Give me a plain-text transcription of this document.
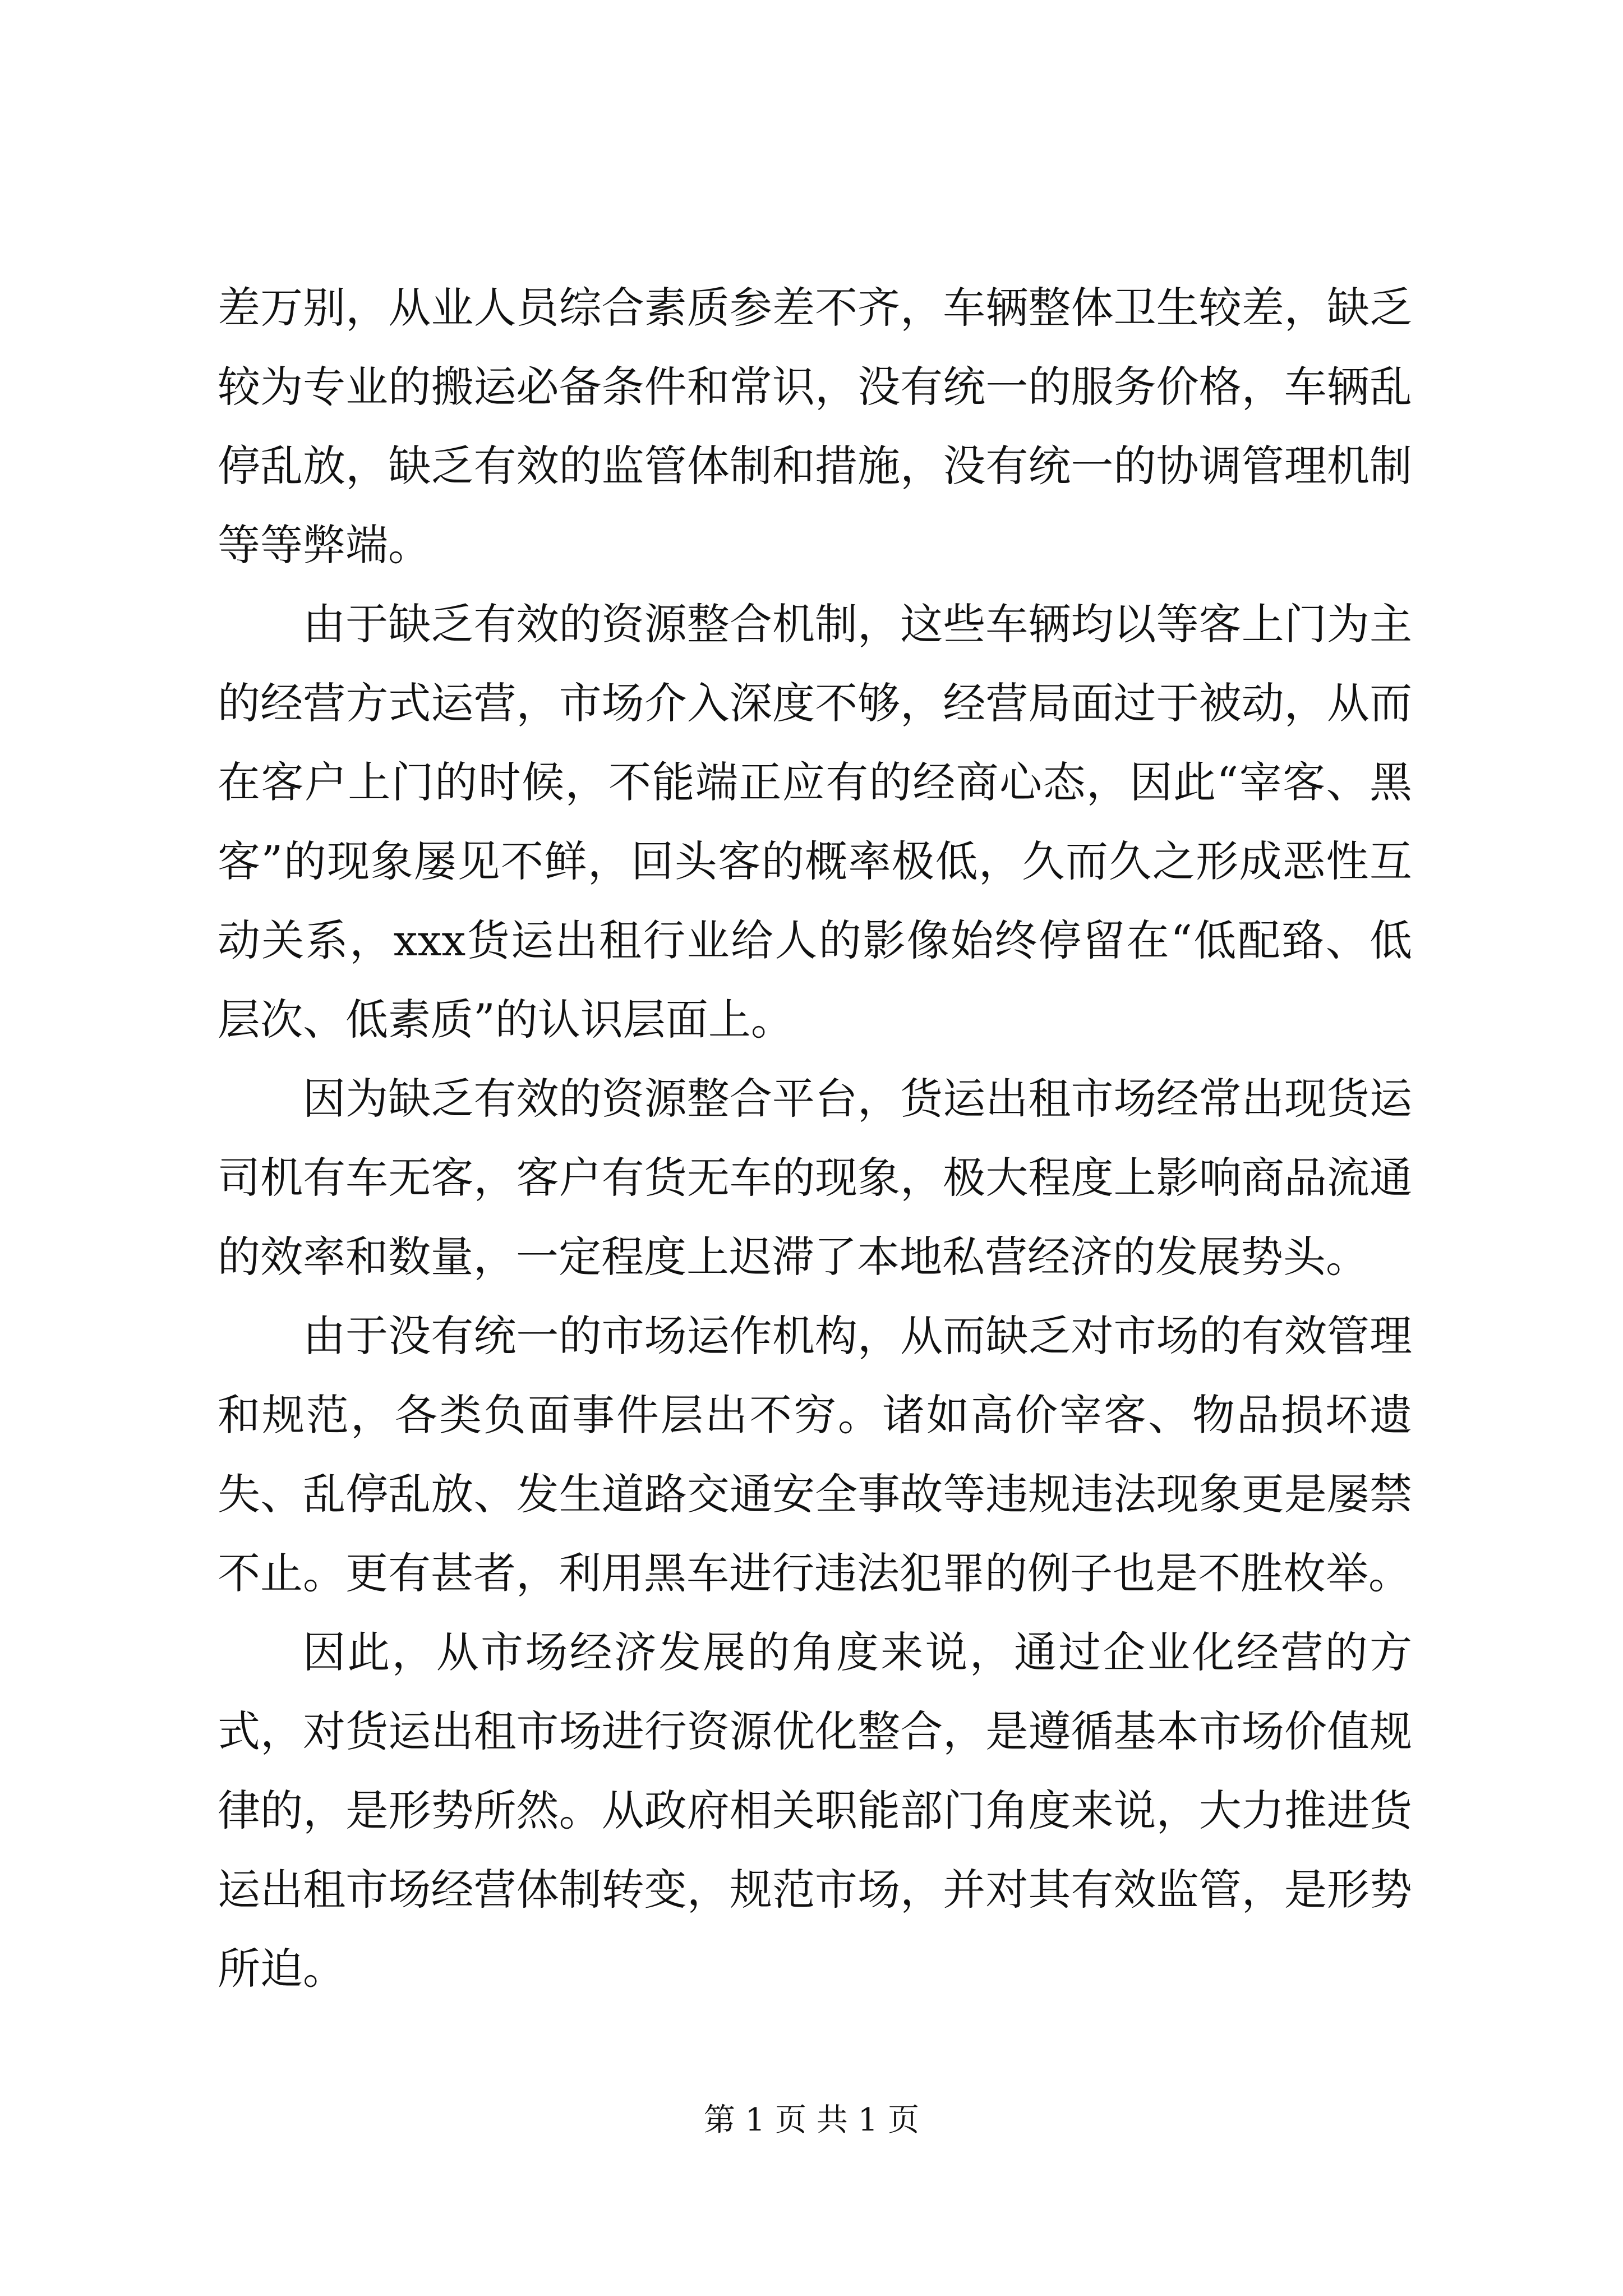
差万别，从业人员综合素质参差不齐，车辆整体卫生较差，缺乏较为专业的搬运必备条件和常识，没有统一的服务价格，车辆乱停乱放，缺乏有效的监管体制和措施，没有统一的协调管理机制等等弊端。

由于缺乏有效的资源整合机制，这些车辆均以等客上门为主的经营方式运营，市场介入深度不够，经营局面过于被动，从而在客户上门的时候，不能端正应有的经商心态，因此“宰客、黑客”的现象屡见不鲜，回头客的概率极低，久而久之形成恶性互动关系，xxx货运出租行业给人的影像始终停留在“低配臵、低层次、低素质”的认识层面上。

因为缺乏有效的资源整合平台，货运出租市场经常出现货运司机有车无客，客户有货无车的现象，极大程度上影响商品流通的效率和数量，一定程度上迟滞了本地私营经济的发展势头。

由于没有统一的市场运作机构，从而缺乏对市场的有效管理和规范，各类负面事件层出不穷。诸如高价宰客、物品损坏遗失、乱停乱放、发生道路交通安全事故等违规违法现象更是屡禁不止。更有甚者，利用黑车进行违法犯罪的例子也是不胜枚举。

因此，从市场经济发展的角度来说，通过企业化经营的方式，对货运出租市场进行资源优化整合，是遵循基本市场价值规律的，是形势所然。从政府相关职能部门角度来说，大力推进货运出租市场经营体制转变，规范市场，并对其有效监管，是形势所迫。

第 1 页 共 1 页
